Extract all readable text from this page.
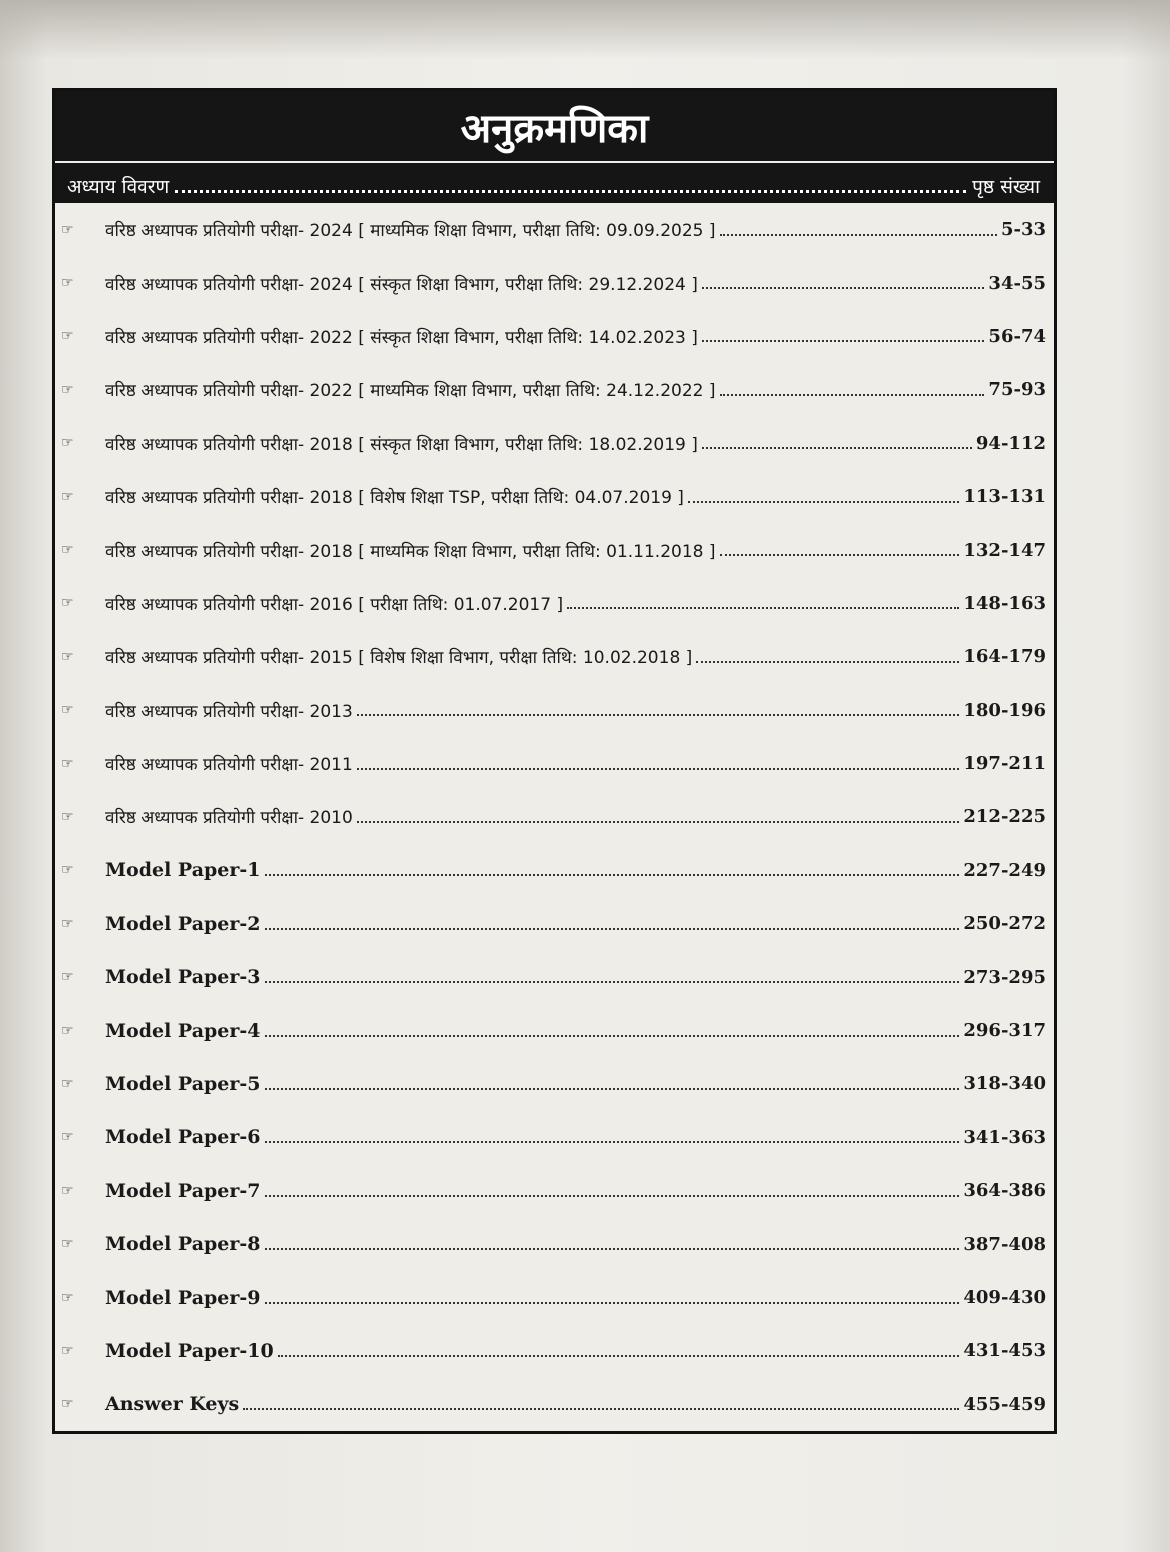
अनुक्रमणिका
अध्याय विवरण	पृष्ठ संख्या
☞	वरिष्ठ अध्यापक प्रतियोगी परीक्षा- 2024 [ माध्यमिक शिक्षा विभाग, परीक्षा तिथि: 09.09.2025 ]	5-33
☞	वरिष्ठ अध्यापक प्रतियोगी परीक्षा- 2024 [ संस्कृत शिक्षा विभाग, परीक्षा तिथि: 29.12.2024 ]	34-55
☞	वरिष्ठ अध्यापक प्रतियोगी परीक्षा- 2022 [ संस्कृत शिक्षा विभाग, परीक्षा तिथि: 14.02.2023 ]	56-74
☞	वरिष्ठ अध्यापक प्रतियोगी परीक्षा- 2022 [ माध्यमिक शिक्षा विभाग, परीक्षा तिथि: 24.12.2022 ]	75-93
☞	वरिष्ठ अध्यापक प्रतियोगी परीक्षा- 2018 [ संस्कृत शिक्षा विभाग, परीक्षा तिथि: 18.02.2019 ]	94-112
☞	वरिष्ठ अध्यापक प्रतियोगी परीक्षा- 2018 [ विशेष शिक्षा TSP, परीक्षा तिथि: 04.07.2019 ]	113-131
☞	वरिष्ठ अध्यापक प्रतियोगी परीक्षा- 2018 [ माध्यमिक शिक्षा विभाग, परीक्षा तिथि: 01.11.2018 ]	132-147
☞	वरिष्ठ अध्यापक प्रतियोगी परीक्षा- 2016 [ परीक्षा तिथि: 01.07.2017 ]	148-163
☞	वरिष्ठ अध्यापक प्रतियोगी परीक्षा- 2015 [ विशेष शिक्षा विभाग, परीक्षा तिथि: 10.02.2018 ]	164-179
☞	वरिष्ठ अध्यापक प्रतियोगी परीक्षा- 2013	180-196
☞	वरिष्ठ अध्यापक प्रतियोगी परीक्षा- 2011	197-211
☞	वरिष्ठ अध्यापक प्रतियोगी परीक्षा- 2010	212-225
☞	Model Paper-1	227-249
☞	Model Paper-2	250-272
☞	Model Paper-3	273-295
☞	Model Paper-4	296-317
☞	Model Paper-5	318-340
☞	Model Paper-6	341-363
☞	Model Paper-7	364-386
☞	Model Paper-8	387-408
☞	Model Paper-9	409-430
☞	Model Paper-10	431-453
☞	Answer Keys	455-459
